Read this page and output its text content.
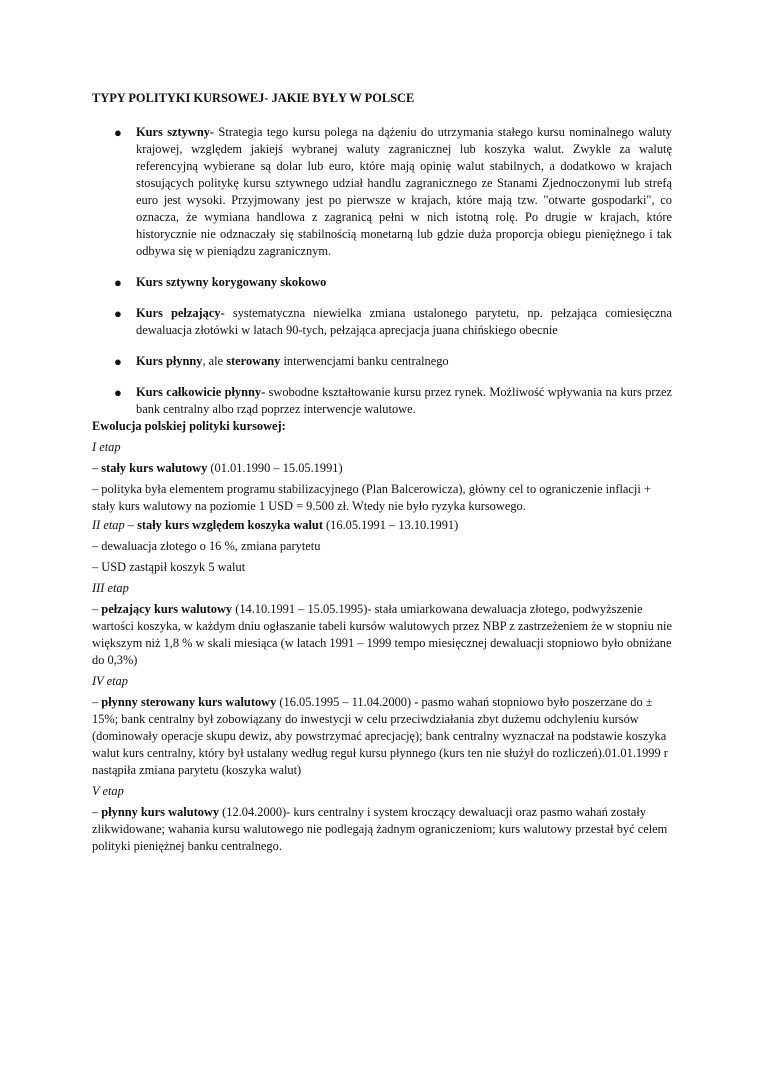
TYPY POLITYKI KURSOWEJ- JAKIE BYŁY W POLSCE

● Kurs sztywny- Strategia tego kursu polega na dążeniu do utrzymania stałego kursu nominalnego waluty krajowej, względem jakiejś wybranej waluty zagranicznej lub koszyka walut. Zwykle za walutę referencyjną wybierane są dolar lub euro, które mają opinię walut stabilnych, a dodatkowo w krajach stosujących politykę kursu sztywnego udział handlu zagranicznego ze Stanami Zjednoczonymi lub strefą euro jest wysoki. Przyjmowany jest po pierwsze w krajach, które mają tzw. "otwarte gospodarki", co oznacza, że wymiana handlowa z zagranicą pełni w nich istotną rolę. Po drugie w krajach, które historycznie nie odznaczały się stabilnością monetarną lub gdzie duża proporcja obiegu pieniężnego i tak odbywa się w pieniądzu zagranicznym.
● Kurs sztywny korygowany skokowo
● Kurs pełzający- systematyczna niewielka zmiana ustalonego parytetu, np. pełzająca comiesięczna dewaluacja złotówki w latach 90-tych, pełzająca aprecjacja juana chińskiego obecnie
● Kurs płynny, ale sterowany interwencjami banku centralnego
● Kurs całkowicie płynny- swobodne kształtowanie kursu przez rynek. Możliwość wpływania na kurs przez bank centralny albo rząd poprzez interwencje walutowe.

Ewolucja polskiej polityki kursowej:

I etap

– stały kurs walutowy (01.01.1990 – 15.05.1991)

– polityka była elementem programu stabilizacyjnego (Plan Balcerowicza), główny cel to ograniczenie inflacji + stały kurs walutowy na poziomie 1 USD = 9.500 zł. Wtedy nie było ryzyka kursowego.

II etap – stały kurs względem koszyka walut (16.05.1991 – 13.10.1991)

– dewaluacja złotego o 16 %, zmiana parytetu

– USD zastąpił koszyk 5 walut

III etap

– pełzający kurs walutowy (14.10.1991 – 15.05.1995)- stała umiarkowana dewaluacja złotego, podwyższenie wartości koszyka, w każdym dniu ogłaszanie tabeli kursów walutowych przez NBP z zastrzeżeniem że w stopniu nie większym niż 1,8 % w skali miesiąca (w latach 1991 – 1999 tempo miesięcznej dewaluacji stopniowo było obniżane do 0,3%)

IV etap

– płynny sterowany kurs walutowy (16.05.1995 – 11.04.2000) - pasmo wahań stopniowo było poszerzane do ± 15%; bank centralny był zobowiązany do inwestycji w celu przeciwdziałania zbyt dużemu odchyleniu kursów (dominowały operacje skupu dewiz, aby powstrzymać aprecjację); bank centralny wyznaczał na podstawie koszyka walut kurs centralny, który był ustalany według reguł kursu płynnego (kurs ten nie służył do rozliczeń).01.01.1999 r nastąpiła zmiana parytetu (koszyka walut)

V etap

– płynny kurs walutowy (12.04.2000)- kurs centralny i system kroczący dewaluacji oraz pasmo wahań zostały zlikwidowane; wahania kursu walutowego nie podlegają żadnym ograniczeniom; kurs walutowy przestał być celem polityki pieniężnej banku centralnego.
